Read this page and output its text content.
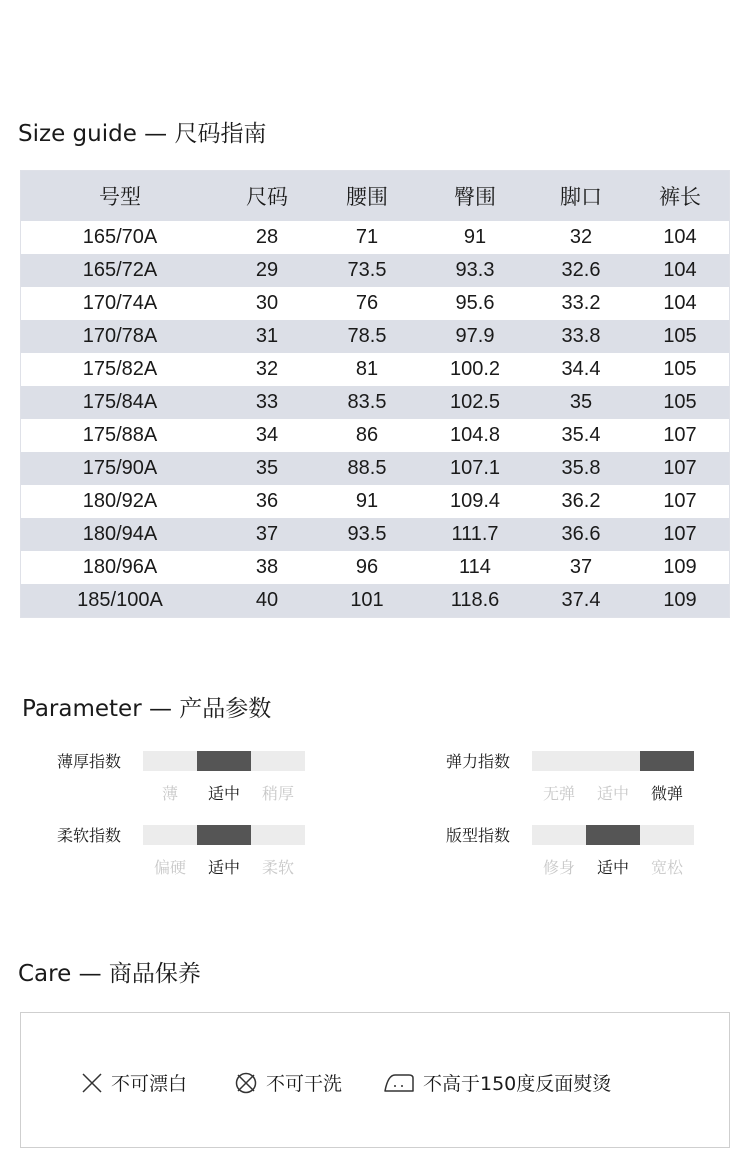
Size guide — 尺码指南
号型	尺码	腰围	臀围	脚口	裤长
165/70A	28	71	91	32	104
165/72A	29	73.5	93.3	32.6	104
170/74A	30	76	95.6	33.2	104
170/78A	31	78.5	97.9	33.8	105
175/82A	32	81	100.2	34.4	105
175/84A	33	83.5	102.5	35	105
175/88A	34	86	104.8	35.4	107
175/90A	35	88.5	107.1	35.8	107
180/92A	36	91	109.4	36.2	107
180/94A	37	93.5	111.7	36.6	107
180/96A	38	96	114	37	109
185/100A	40	101	118.6	37.4	109
Parameter — 产品参数
薄厚指数
薄	适中	稍厚
弹力指数
无弹	适中	微弹
柔软指数
偏硬	适中	柔软
版型指数
修身	适中	宽松
Care — 商品保养
不可漂白	不可干洗	不高于150度反面熨烫
